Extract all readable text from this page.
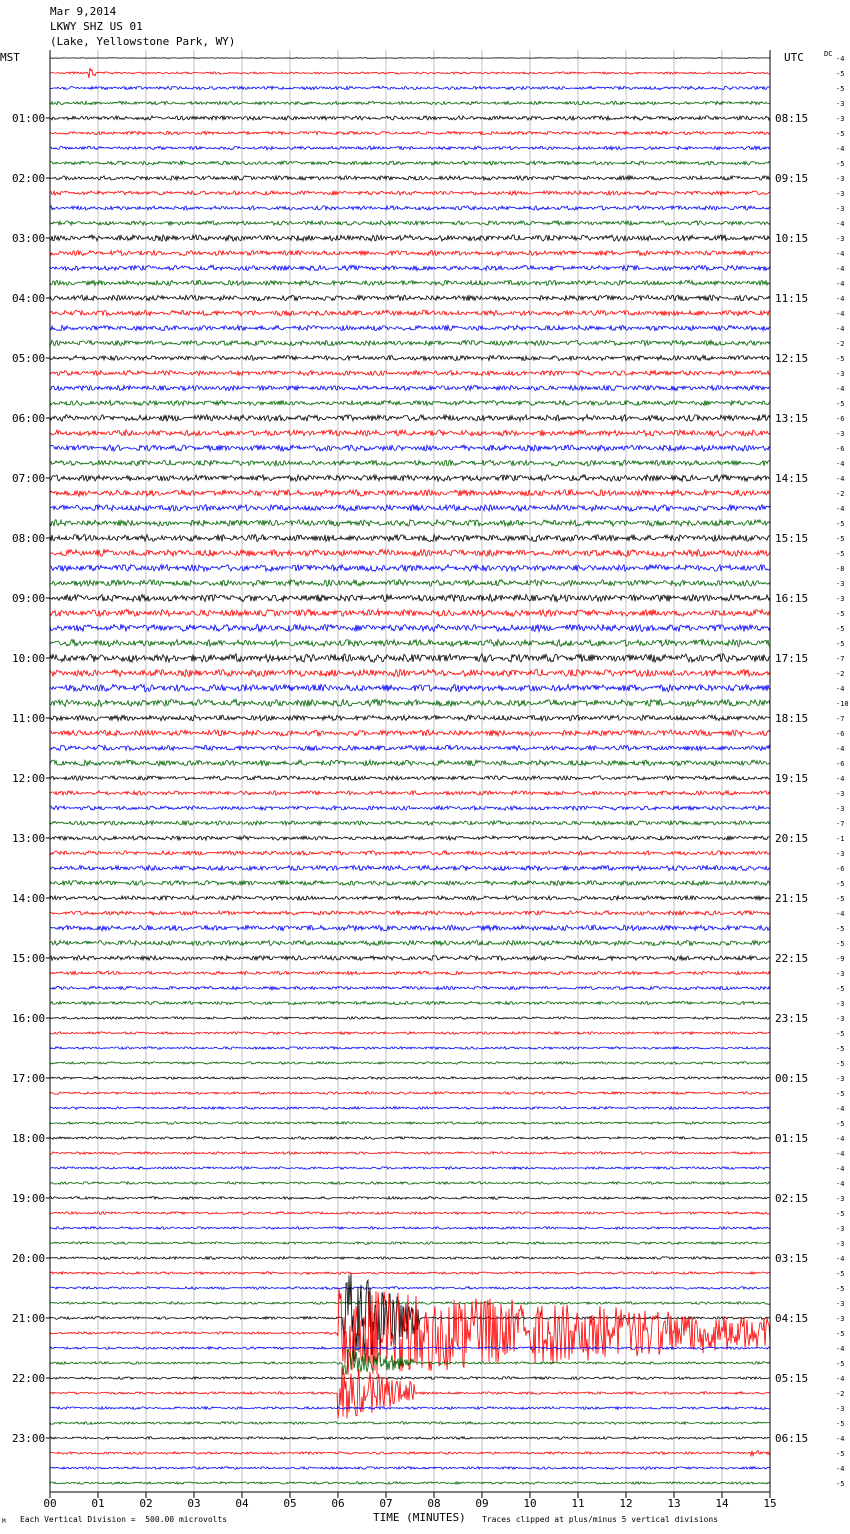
Mar 9,2014
LKWY SHZ US 01
(Lake, Yellowstone Park, WY)
MST	UTC	DC
00	01	02	03	04	05	06	07	08	09	10	11	12	13	14	15
01:00
02:00
03:00
04:00
05:00
06:00
07:00
08:00
09:00
10:00
11:00
12:00
13:00
14:00
15:00
16:00
17:00
18:00
19:00
20:00
21:00
22:00
23:00
08:15
09:15
10:15
11:15
12:15
13:15
14:15
15:15
16:15
17:15
18:15
19:15
20:15
21:15
22:15
23:15
00:15
01:15
02:15
03:15
04:15
05:15
06:15
-4
-5
-5
-3
-3
-5
-4
-5
-3
-3
-3
-4
-3
-4
-4
-4
-4
-4
-4
-2
-5
-3
-4
-5
-6
-3
-6
-4
-4
-2
-4
-5
-5
-5
-8
-3
-3
-5
-5
-5
-7
-2
-4
-10
-7
-6
-4
-6
-4
-3
-3
-7
-1
-3
-6
-5
-5
-4
-5
-5
-9
-3
-5
-3
-3
-5
-5
-5
-3
-5
-4
-5
-4
-4
-4
-4
-3
-5
-3
-3
-4
-5
-5
-3
-3
-5
-4
-5
-4
-2
-3
-5
-4
-5
-4
-5
M Each Vertical Division =  500.00 microvolts	TIME (MINUTES) Traces clipped at plus/minus 5 vertical divisions
